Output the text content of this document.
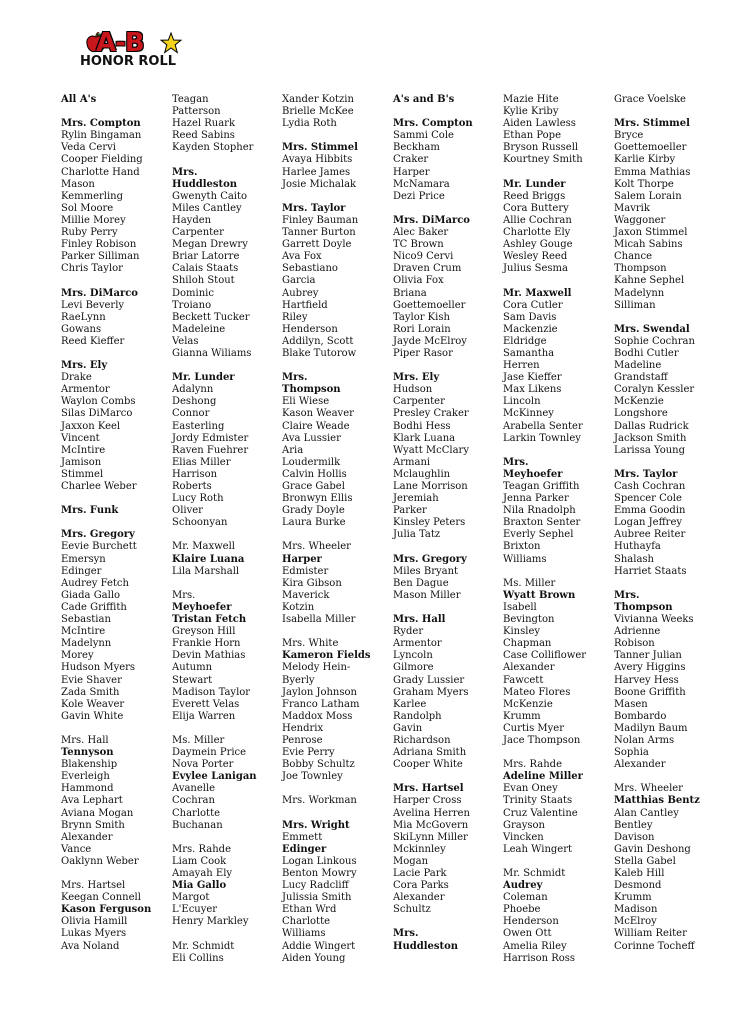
A-B
HONOR ROLL
All A's
Mrs. Compton
Rylin Bingaman
Veda Cervi
Cooper Fielding
Charlotte Hand
Mason
Kemmerling
Sol Moore
Millie Morey
Ruby Perry
Finley Robison
Parker Silliman
Chris Taylor
Mrs. DiMarco
Levi Beverly
RaeLynn
Gowans
Reed Kieffer
Mrs. Ely
Drake
Armentor
Waylon Combs
Silas DiMarco
Jaxxon Keel
Vincent
McIntire
Jamison
Stimmel
Charlee Weber
Mrs. Funk
Mrs. Gregory
Eevie Burchett
Emersyn
Edinger
Audrey Fetch
Giada Gallo
Cade Griffith
Sebastian
McIntire
Madelynn
Morey
Hudson Myers
Evie Shaver
Zada Smith
Kole Weaver
Gavin White
Mrs. Hall
Tennyson
Blakenship
Everleigh
Hammond
Ava Lephart
Aviana Mogan
Brynn Smith
Alexander
Vance
Oaklynn Weber
Mrs. Hartsel
Keegan Connell
Kason Ferguson
Olivia Hamill
Lukas Myers
Ava Noland
Teagan
Patterson
Hazel Ruark
Reed Sabins
Kayden Stopher
Mrs.
Huddleston
Gwenyth Caito
Miles Cantley
Hayden
Carpenter
Megan Drewry
Briar Latorre
Calais Staats
Shiloh Stout
Dominic
Troiano
Beckett Tucker
Madeleine
Velas
Gianna Wiliams
Mr. Lunder
Adalynn
Deshong
Connor
Easterling
Jordy Edmister
Raven Fuehrer
Elias Miller
Harrison
Roberts
Lucy Roth
Oliver
Schoonyan
Mr. Maxwell
Klaire Luana
Lila Marshall
Mrs.
Meyhoefer
Tristan Fetch
Greyson Hill
Frankie Horn
Devin Mathias
Autumn
Stewart
Madison Taylor
Everett Velas
Elija Warren
Ms. Miller
Daymein Price
Nova Porter
Evylee Lanigan
Avanelle
Cochran
Charlotte
Buchanan
Mrs. Rahde
Liam Cook
Amayah Ely
Mia Gallo
Margot
L'Ecuyer
Henry Markley
Mr. Schmidt
Eli Collins
Xander Kotzin
Brielle McKee
Lydia Roth
Mrs. Stimmel
Avaya Hibbits
Harlee James
Josie Michalak
Mrs. Taylor
Finley Bauman
Tanner Burton
Garrett Doyle
Ava Fox
Sebastiano
Garcia
Aubrey
Hartfield
Riley
Henderson
Addilyn, Scott
Blake Tutorow
Mrs.
Thompson
Eli Wiese
Kason Weaver
Claire Weade
Ava Lussier
Aria
Loudermilk
Calvin Hollis
Grace Gabel
Bronwyn Ellis
Grady Doyle
Laura Burke
Mrs. Wheeler
Harper
Edmister
Kira Gibson
Maverick
Kotzin
Isabella Miller
Mrs. White
Kameron Fields
Melody Hein-
Byerly
Jaylon Johnson
Franco Latham
Maddox Moss
Hendrix
Penrose
Evie Perry
Bobby Schultz
Joe Townley
Mrs. Workman
Mrs. Wright
Emmett
Edinger
Logan Linkous
Benton Mowry
Lucy Radcliff
Julissia Smith
Ethan Wrd
Charlotte
Williams
Addie Wingert
Aiden Young
A's and B's
Mrs. Compton
Sammi Cole
Beckham
Craker
Harper
McNamara
Dezi Price
Mrs. DiMarco
Alec Baker
TC Brown
Nico9 Cervi
Draven Crum
Olivia Fox
Briana
Goettemoeller
Taylor Kish
Rori Lorain
Jayde McElroy
Piper Rasor
Mrs. Ely
Hudson
Carpenter
Presley Craker
Bodhi Hess
Klark Luana
Wyatt McClary
Armani
Mclaughlin
Lane Morrison
Jeremiah
Parker
Kinsley Peters
Julia Tatz
Mrs. Gregory
Miles Bryant
Ben Dague
Mason Miller
Mrs. Hall
Ryder
Armentor
Lyncoln
Gilmore
Grady Lussier
Graham Myers
Karlee
Randolph
Gavin
Richardson
Adriana Smith
Cooper White
Mrs. Hartsel
Harper Cross
Avelina Herren
Mia McGovern
SkiLynn Miller
Mckinnley
Mogan
Lacie Park
Cora Parks
Alexander
Schultz
Mrs.
Huddleston
Mazie Hite
Kylie Kriby
Aiden Lawless
Ethan Pope
Bryson Russell
Kourtney Smith
Mr. Lunder
Reed Briggs
Cora Buttery
Allie Cochran
Charlotte Ely
Ashley Gouge
Wesley Reed
Julius Sesma
Mr. Maxwell
Cora Cutler
Sam Davis
Mackenzie
Eldridge
Samantha
Herren
Jase Kieffer
Max Likens
Lincoln
McKinney
Arabella Senter
Larkin Townley
Mrs.
Meyhoefer
Teagan Griffith
Jenna Parker
Nila Rnadolph
Braxton Senter
Everly Sephel
Brixton
Williams
Ms. Miller
Wyatt Brown
Isabell
Bevington
Kinsley
Chapman
Case Colliflower
Alexander
Fawcett
Mateo Flores
McKenzie
Krumm
Curtis Myer
Jace Thompson
Mrs. Rahde
Adeline Miller
Evan Oney
Trinity Staats
Cruz Valentine
Grayson
Vincken
Leah Wingert
Mr. Schmidt
Audrey
Coleman
Phoebe
Henderson
Owen Ott
Amelia Riley
Harrison Ross
Grace Voelske
Mrs. Stimmel
Bryce
Goettemoeller
Karlie Kirby
Emma Mathias
Kolt Thorpe
Salem Lorain
Mavrik
Waggoner
Jaxon Stimmel
Micah Sabins
Chance
Thompson
Kahne Sephel
Madelynn
Silliman
Mrs. Swendal
Sophie Cochran
Bodhi Cutler
Madeline
Grandstaff
Coralyn Kessler
McKenzie
Longshore
Dallas Rudrick
Jackson Smith
Larissa Young
Mrs. Taylor
Cash Cochran
Spencer Cole
Emma Goodin
Logan Jeffrey
Aubree Reiter
Huthayfa
Shalash
Harriet Staats
Mrs.
Thompson
Vivianna Weeks
Adrienne
Robison
Tanner Julian
Avery Higgins
Harvey Hess
Boone Griffith
Masen
Bombardo
Madilyn Baum
Nolan Arms
Sophia
Alexander
Mrs. Wheeler
Matthias Bentz
Alan Cantley
Bentley
Davison
Gavin Deshong
Stella Gabel
Kaleb Hill
Desmond
Krumm
Madison
McElroy
William Reiter
Corinne Tocheff
